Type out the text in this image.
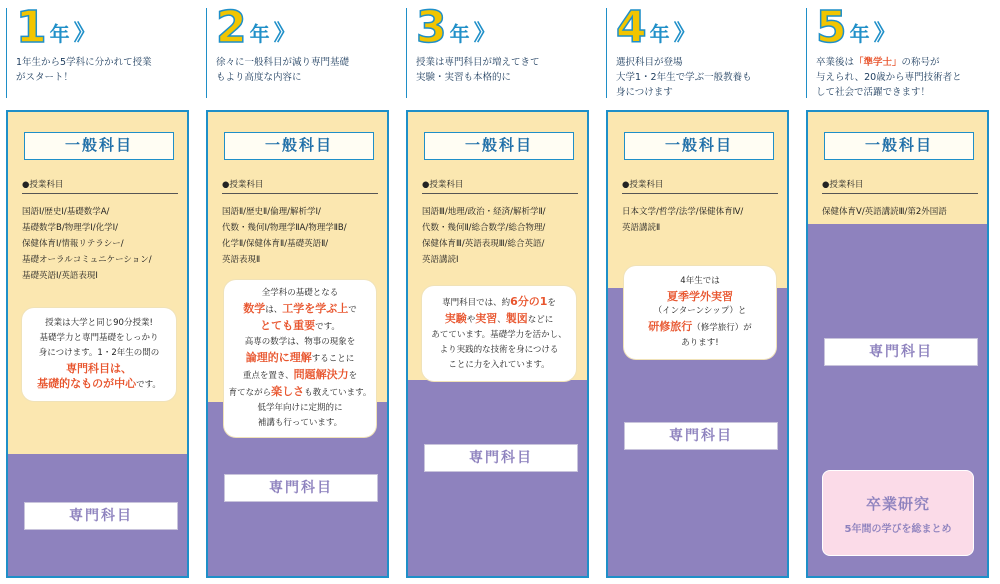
1 年 》
1年生から5学科に分かれて授業
がスタート！
一般科目
●授業科目
国語Ⅰ/歴史Ⅰ/基礎数学A/
基礎数学B/物理学Ⅰ/化学Ⅰ/
保健体育Ⅰ/情報リテラシー/
基礎オーラルコミュニケーション/
基礎英語Ⅰ/英語表現Ⅰ
授業は大学と同じ90分授業!
基礎学力と専門基礎をしっかり
身につけます。1・2年生の間の
専門科目は、
基礎的なものが中心です。
専門科目
2 年 》
徐々に一般科目が減り専門基礎
もより高度な内容に
一般科目
●授業科目
国語Ⅱ/歴史Ⅱ/倫理/解析学Ⅰ/
代数・幾何Ⅰ/物理学ⅡA/物理学ⅡB/
化学Ⅱ/保健体育Ⅱ/基礎英語Ⅱ/
英語表現Ⅱ
全学科の基礎となる
数学は、工学を学ぶ上で
とても重要です。
高専の数学は、物事の現象を
論理的に理解することに
重点を置き、問題解決力を
育てながら楽しさも教えています。
低学年向けに定期的に
補講も行っています。
専門科目
3 年 》
授業は専門科目が増えてきて
実験・実習も本格的に
一般科目
●授業科目
国語Ⅲ/地理/政治・経済/解析学Ⅱ/
代数・幾何Ⅱ/総合数学/総合物理/
保健体育Ⅲ/英語表現Ⅲ/総合英語/
英語講読Ⅰ
専門科目では、約6分の1を
実験や実習、製図などに
あてています。基礎学力を活かし、
より実践的な技術を身につける
ことに力を入れています。
専門科目
4 年 》
選択科目が登場
大学1・2年生で学ぶ一般教養も
身につけます
一般科目
●授業科目
日本文学/哲学/法学/保健体育Ⅳ/
英語講読Ⅱ
4年生では
夏季学外実習
（インターンシップ）と
研修旅行（修学旅行）が
あります!
専門科目
5 年 》
卒業後は「準学士」の称号が
与えられ、20歳から専門技術者と
して社会で活躍できます！
一般科目
●授業科目
保健体育Ⅴ/英語講読Ⅲ/第2外国語
専門科目
卒業研究
5年間の学びを総まとめ
